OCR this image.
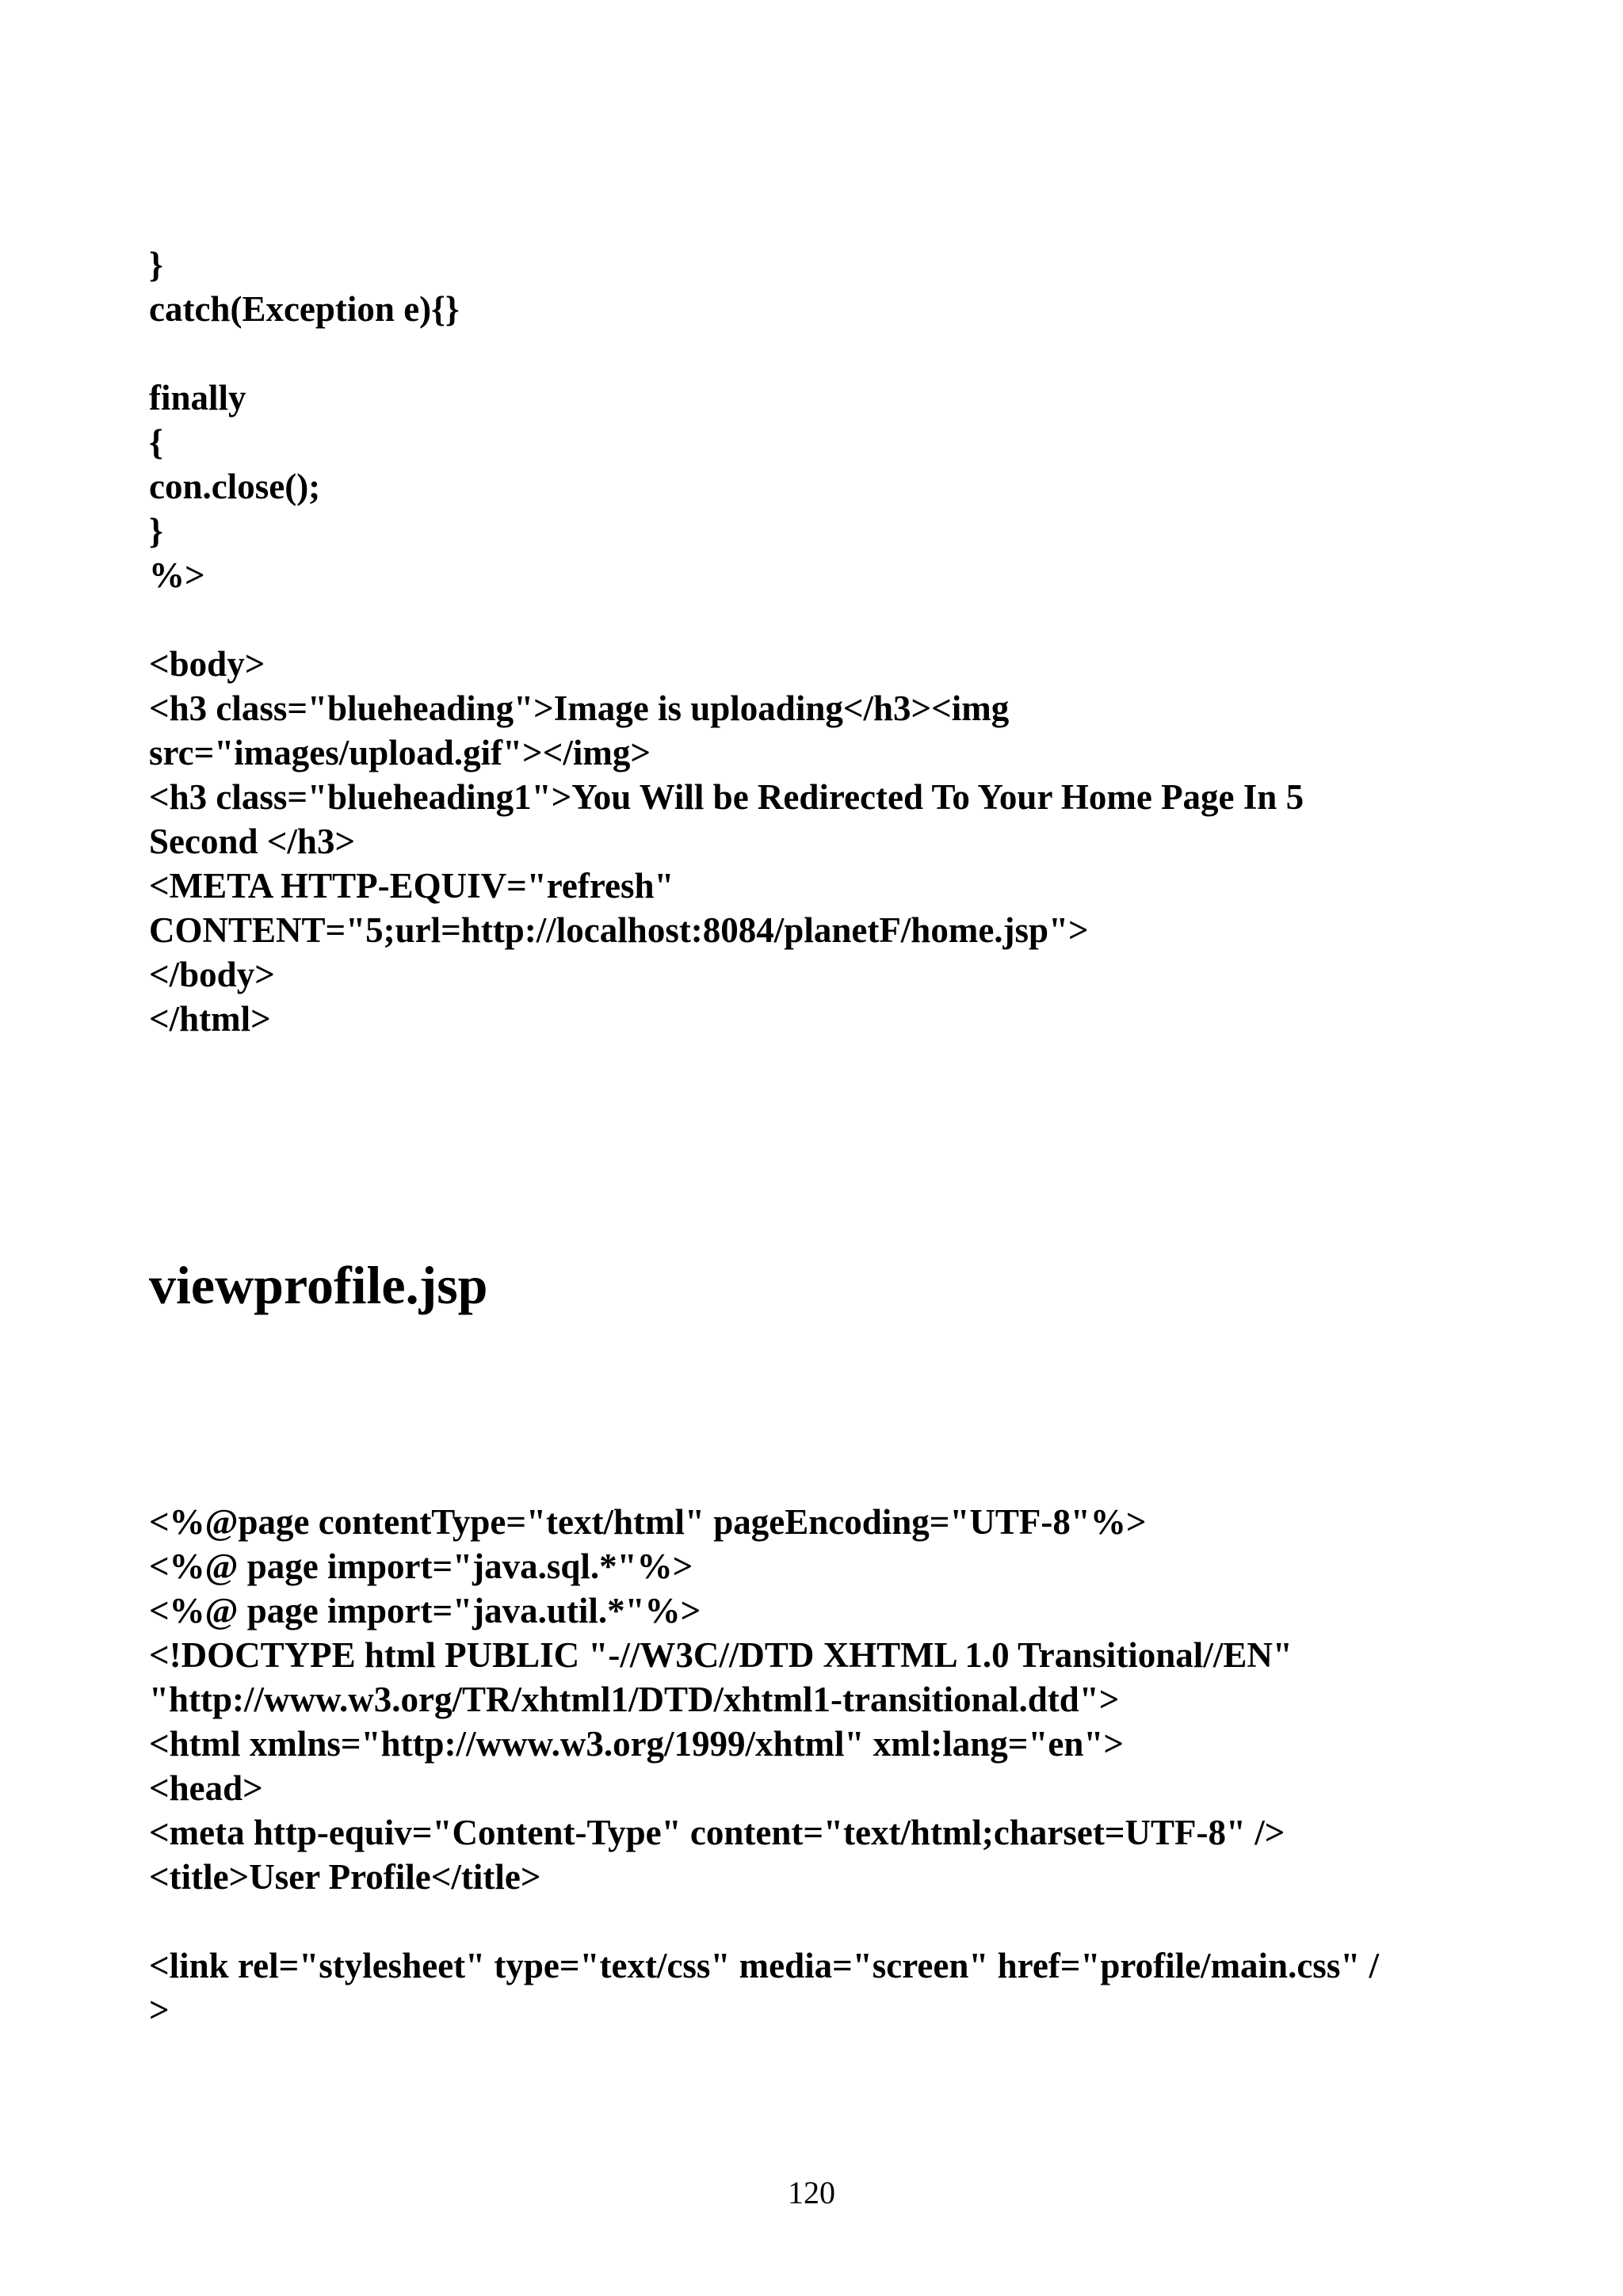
}
catch(Exception e){}
finally
{
con.close();
}
%>
<body>
<h3 class="blueheading">Image is uploading</h3><img
src="images/upload.gif"></img>
<h3 class="blueheading1">You Will be Redirected To Your Home Page In 5
Second </h3>
<META HTTP-EQUIV="refresh"
CONTENT="5;url=http://localhost:8084/planetF/home.jsp">
</body>
</html>
viewprofile.jsp
<%@page contentType="text/html" pageEncoding="UTF-8"%>
<%@ page import="java.sql.*"%>
<%@ page import="java.util.*"%>
<!DOCTYPE html PUBLIC "-//W3C//DTD XHTML 1.0 Transitional//EN"
"http://www.w3.org/TR/xhtml1/DTD/xhtml1-transitional.dtd">
<html xmlns="http://www.w3.org/1999/xhtml" xml:lang="en">
<head>
<meta http-equiv="Content-Type" content="text/html;charset=UTF-8" />
<title>User Profile</title>
<link rel="stylesheet" type="text/css" media="screen" href="profile/main.css" /
>
120
